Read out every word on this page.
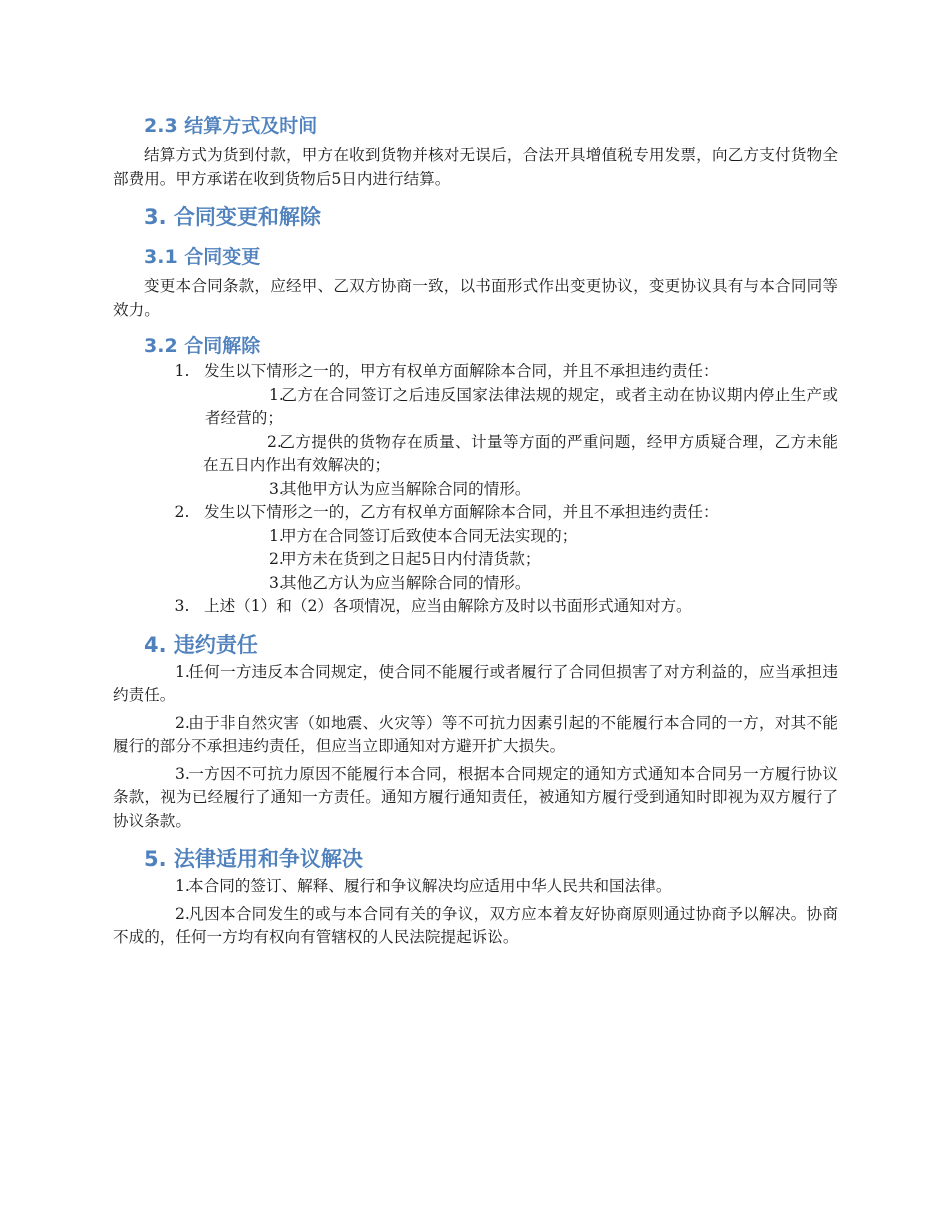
2.3 结算方式及时间

结算方式为货到付款，甲方在收到货物并核对无误后，合法开具增值税专用发票，向乙方支付货物全部费用。甲方承诺在收到货物后5日内进行结算。

3. 合同变更和解除
3.1 合同变更

变更本合同条款，应经甲、乙双方协商一致，以书面形式作出变更协议，变更协议具有与本合同同等效力。

3.2 合同解除
1. 发生以下情形之一的，甲方有权单方面解除本合同，并且不承担违约责任：
1.乙方在合同签订之后违反国家法律法规的规定，或者主动在协议期内停止生产或者经营的；
2.乙方提供的货物存在质量、计量等方面的严重问题，经甲方质疑合理，乙方未能在五日内作出有效解决的；
3.其他甲方认为应当解除合同的情形。
2. 发生以下情形之一的，乙方有权单方面解除本合同，并且不承担违约责任：
1.甲方在合同签订后致使本合同无法实现的；
2.甲方未在货到之日起5日内付清货款；
3.其他乙方认为应当解除合同的情形。
3. 上述（1）和（2）各项情况，应当由解除方及时以书面形式通知对方。
4. 违约责任
1.任何一方违反本合同规定，使合同不能履行或者履行了合同但损害了对方利益的，应当承担违约责任。
2.由于非自然灾害（如地震、火灾等）等不可抗力因素引起的不能履行本合同的一方，对其不能履行的部分不承担违约责任，但应当立即通知对方避开扩大损失。
3.一方因不可抗力原因不能履行本合同，根据本合同规定的通知方式通知本合同另一方履行协议条款，视为已经履行了通知一方责任。通知方履行通知责任，被通知方履行受到通知时即视为双方履行了协议条款。
5. 法律适用和争议解决
1.本合同的签订、解释、履行和争议解决均应适用中华人民共和国法律。
2.凡因本合同发生的或与本合同有关的争议，双方应本着友好协商原则通过协商予以解决。协商不成的，任何一方均有权向有管辖权的人民法院提起诉讼。
